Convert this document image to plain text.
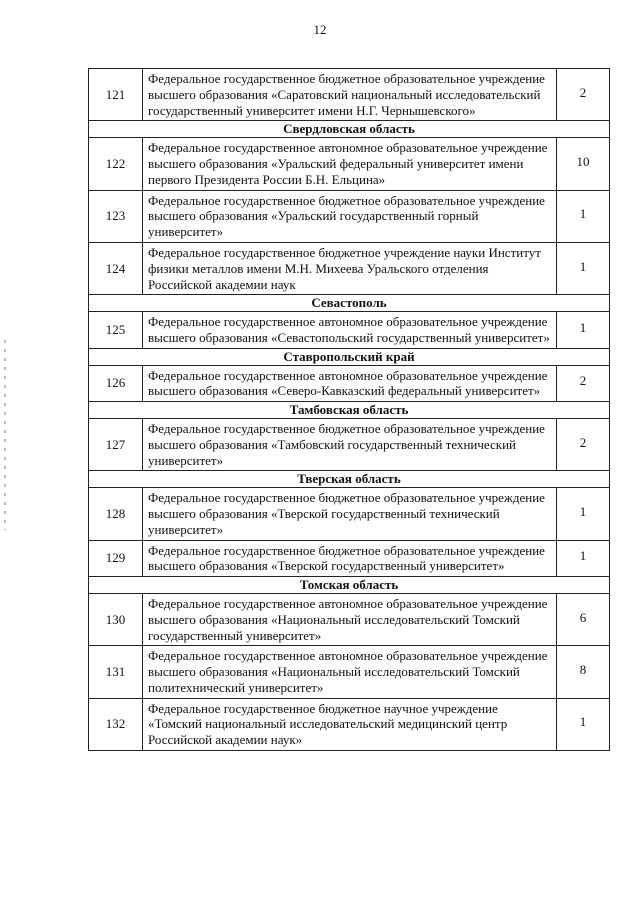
12
121	Федеральное государственное бюджетное образовательное учреждение высшего образования «Саратовский национальный исследовательский государственный университет имени Н.Г. Чернышевского»	2
Свердловская область		
122	Федеральное государственное автономное образовательное учреждение высшего образования «Уральский федеральный университет имени первого Президента России Б.Н. Ельцина»	10
123	Федеральное государственное бюджетное образовательное учреждение высшего образования «Уральский государственный горный университет»	1
124	Федеральное государственное бюджетное учреждение науки Институт физики металлов имени М.Н. Михеева Уральского отделения Российской академии наук	1
Севастополь		
125	Федеральное государственное автономное образовательное учреждение высшего образования «Севастопольский государственный университет»	1
Ставропольский край		
126	Федеральное государственное автономное образовательное учреждение высшего образования «Северо-Кавказский федеральный университет»	2
Тамбовская область		
127	Федеральное государственное бюджетное образовательное учреждение высшего образования «Тамбовский государственный технический университет»	2
Тверская область		
128	Федеральное государственное бюджетное образовательное учреждение высшего образования «Тверской государственный технический университет»	1
129	Федеральное государственное бюджетное образовательное учреждение высшего образования «Тверской государственный университет»	1
Томская область		
130	Федеральное государственное автономное образовательное учреждение высшего образования «Национальный исследовательский Томский государственный университет»	6
131	Федеральное государственное автономное образовательное учреждение высшего образования «Национальный исследовательский Томский политехнический университет»	8
132	Федеральное государственное бюджетное научное учреждение «Томский национальный исследовательский медицинский центр Российской академии наук»	1
